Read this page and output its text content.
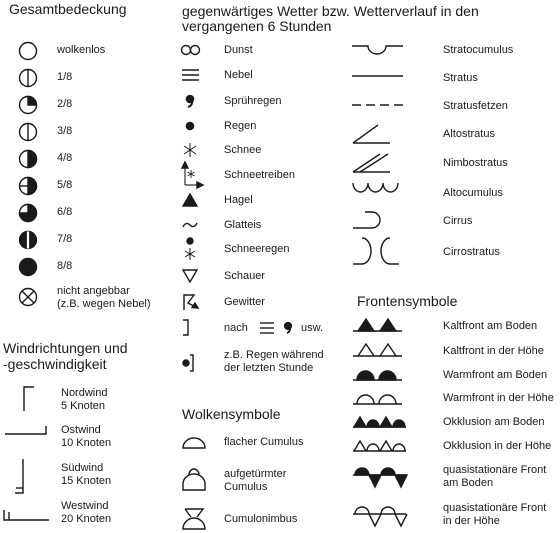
Gesamtbedeckung	gegenwärtiges Wetter bzw. Wetterverlauf in den
vergangenen 6 Stunden
Windrichtungen und
-geschwindigkeit
Wolkensymbole
Frontensymbole
wolkenlos
1/8
2/8
3/8
4/8
5/8
6/8
7/8
8/8
nicht angebbar
(z.B. wegen Nebel)
Nordwind
5 Knoten
Ostwind
10 Knoten
Südwind
15 Knoten
Westwind
20 Knoten
Dunst
Nebel
Sprühregen
Regen
Schnee
Schneetreiben
Hagel
Glatteis
Schneeregen
Schauer
Gewitter
nach	usw.
z.B. Regen während
der letzten Stunde
flacher Cumulus
aufgetürmter
Cumulus
Cumulonimbus
Stratocumulus
Stratus
Stratusfetzen
Altostratus
Nimbostratus
Altocumulus
Cirrus
Cirrostratus
Kaltfront am Boden
Kaltfront in der Höhe
Warmfront am Boden
Warmfront in der Höhe
Okklusion am Boden
Okklusion in der Höhe
quasistationäre Front
am Boden
quasistationäre Front
in der Höhe
